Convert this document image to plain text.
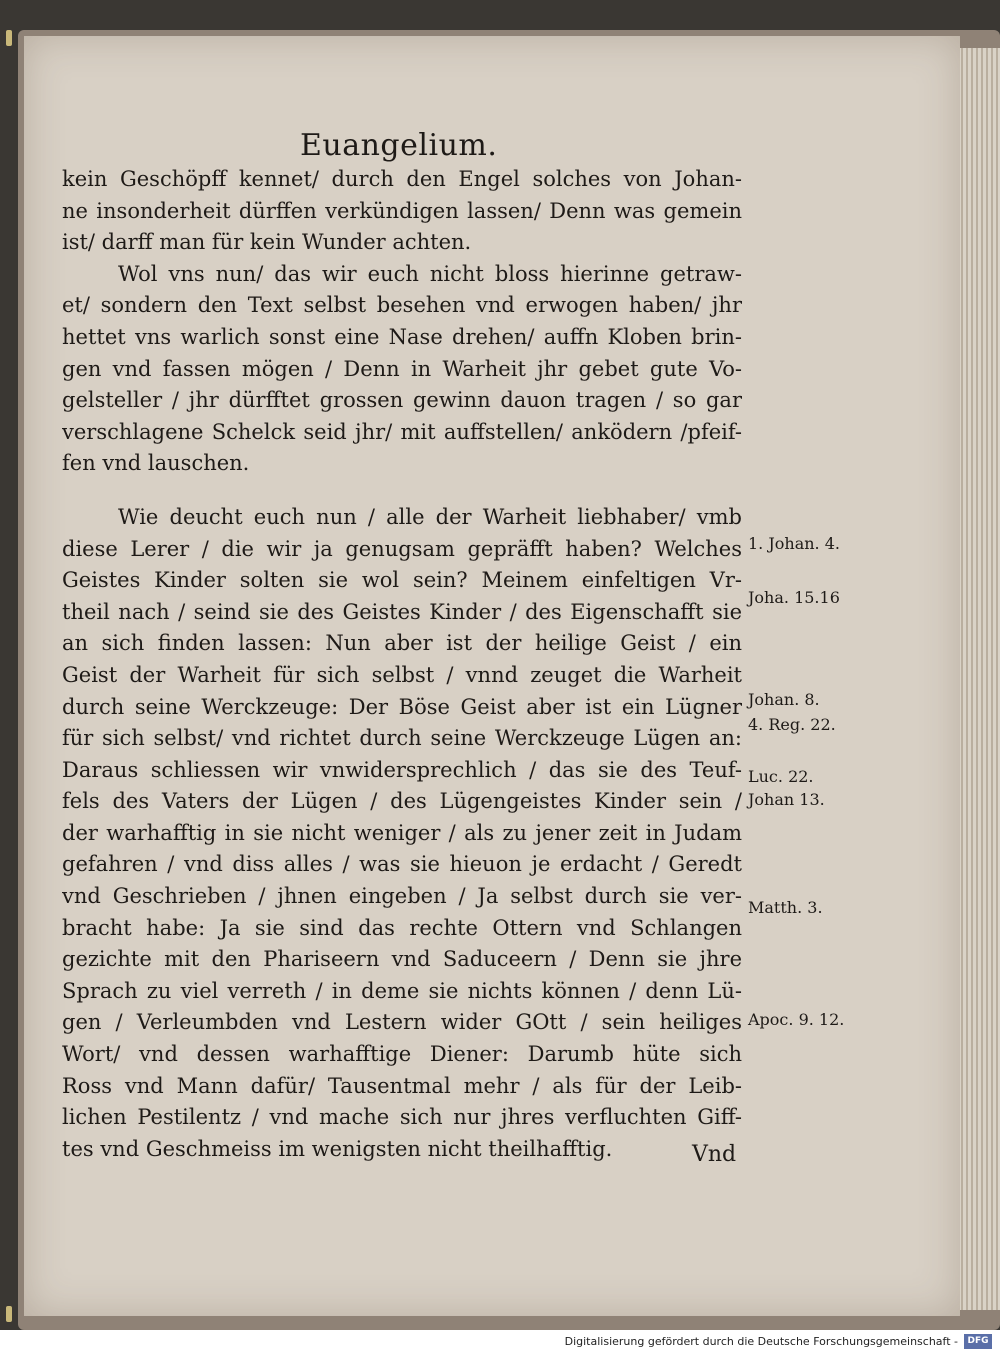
Euangelium.
kein Geschöpff kennet/ durch den Engel solches von Johan-
ne insonderheit dürffen verkündigen lassen/ Denn was gemein
ist/ darff man für kein Wunder achten.
Wol vns nun/ das wir euch nicht bloss hierinne getraw-
et/ sondern den Text selbst besehen vnd erwogen haben/ jhr
hettet vns warlich sonst eine Nase drehen/ auffn Kloben brin-
gen vnd fassen mögen / Denn in Warheit jhr gebet gute Vo-
gelsteller / jhr dürfftet grossen gewinn dauon tragen / so gar
verschlagene Schelck seid jhr/ mit auffstellen/ anködern /pfeif-
fen vnd lauschen.
Wie deucht euch nun / alle der Warheit liebhaber/ vmb
diese Lerer / die wir ja genugsam gepräfft haben? Welches
Geistes Kinder solten sie wol sein? Meinem einfeltigen Vr-
theil nach / seind sie des Geistes Kinder / des Eigenschafft sie
an sich finden lassen: Nun aber ist der heilige Geist / ein
Geist der Warheit für sich selbst / vnnd zeuget die Warheit
durch seine Werckzeuge: Der Böse Geist aber ist ein Lügner
für sich selbst/ vnd richtet durch seine Werckzeuge Lügen an:
Daraus schliessen wir vnwidersprechlich / das sie des Teuf-
fels des Vaters der Lügen / des Lügengeistes Kinder sein /
der warhafftig in sie nicht weniger / als zu jener zeit in Judam
gefahren / vnd diss alles / was sie hieuon je erdacht / Geredt
vnd Geschrieben / jhnen eingeben / Ja selbst durch sie ver-
bracht habe: Ja sie sind das rechte Ottern vnd Schlangen
gezichte mit den Phariseern vnd Saduceern / Denn sie jhre
Sprach zu viel verreth / in deme sie nichts können / denn Lü-
gen / Verleumbden vnd Lestern wider GOtt / sein heiliges
Wort/ vnd dessen warhafftige Diener: Darumb hüte sich
Ross vnd Mann dafür/ Tausentmal mehr / als für der Leib-
lichen Pestilentz / vnd mache sich nur jhres verfluchten Giff-
tes vnd Geschmeiss im wenigsten nicht theilhafftig.	Vnd
1. Johan. 4.
Joha. 15.16
Johan. 8.
4. Reg. 22.
Luc. 22.
Johan 13.
Matth. 3.
Apoc. 9. 12.
Digitalisierung gefördert durch die Deutsche Forschungsgemeinschaft -	DFG
